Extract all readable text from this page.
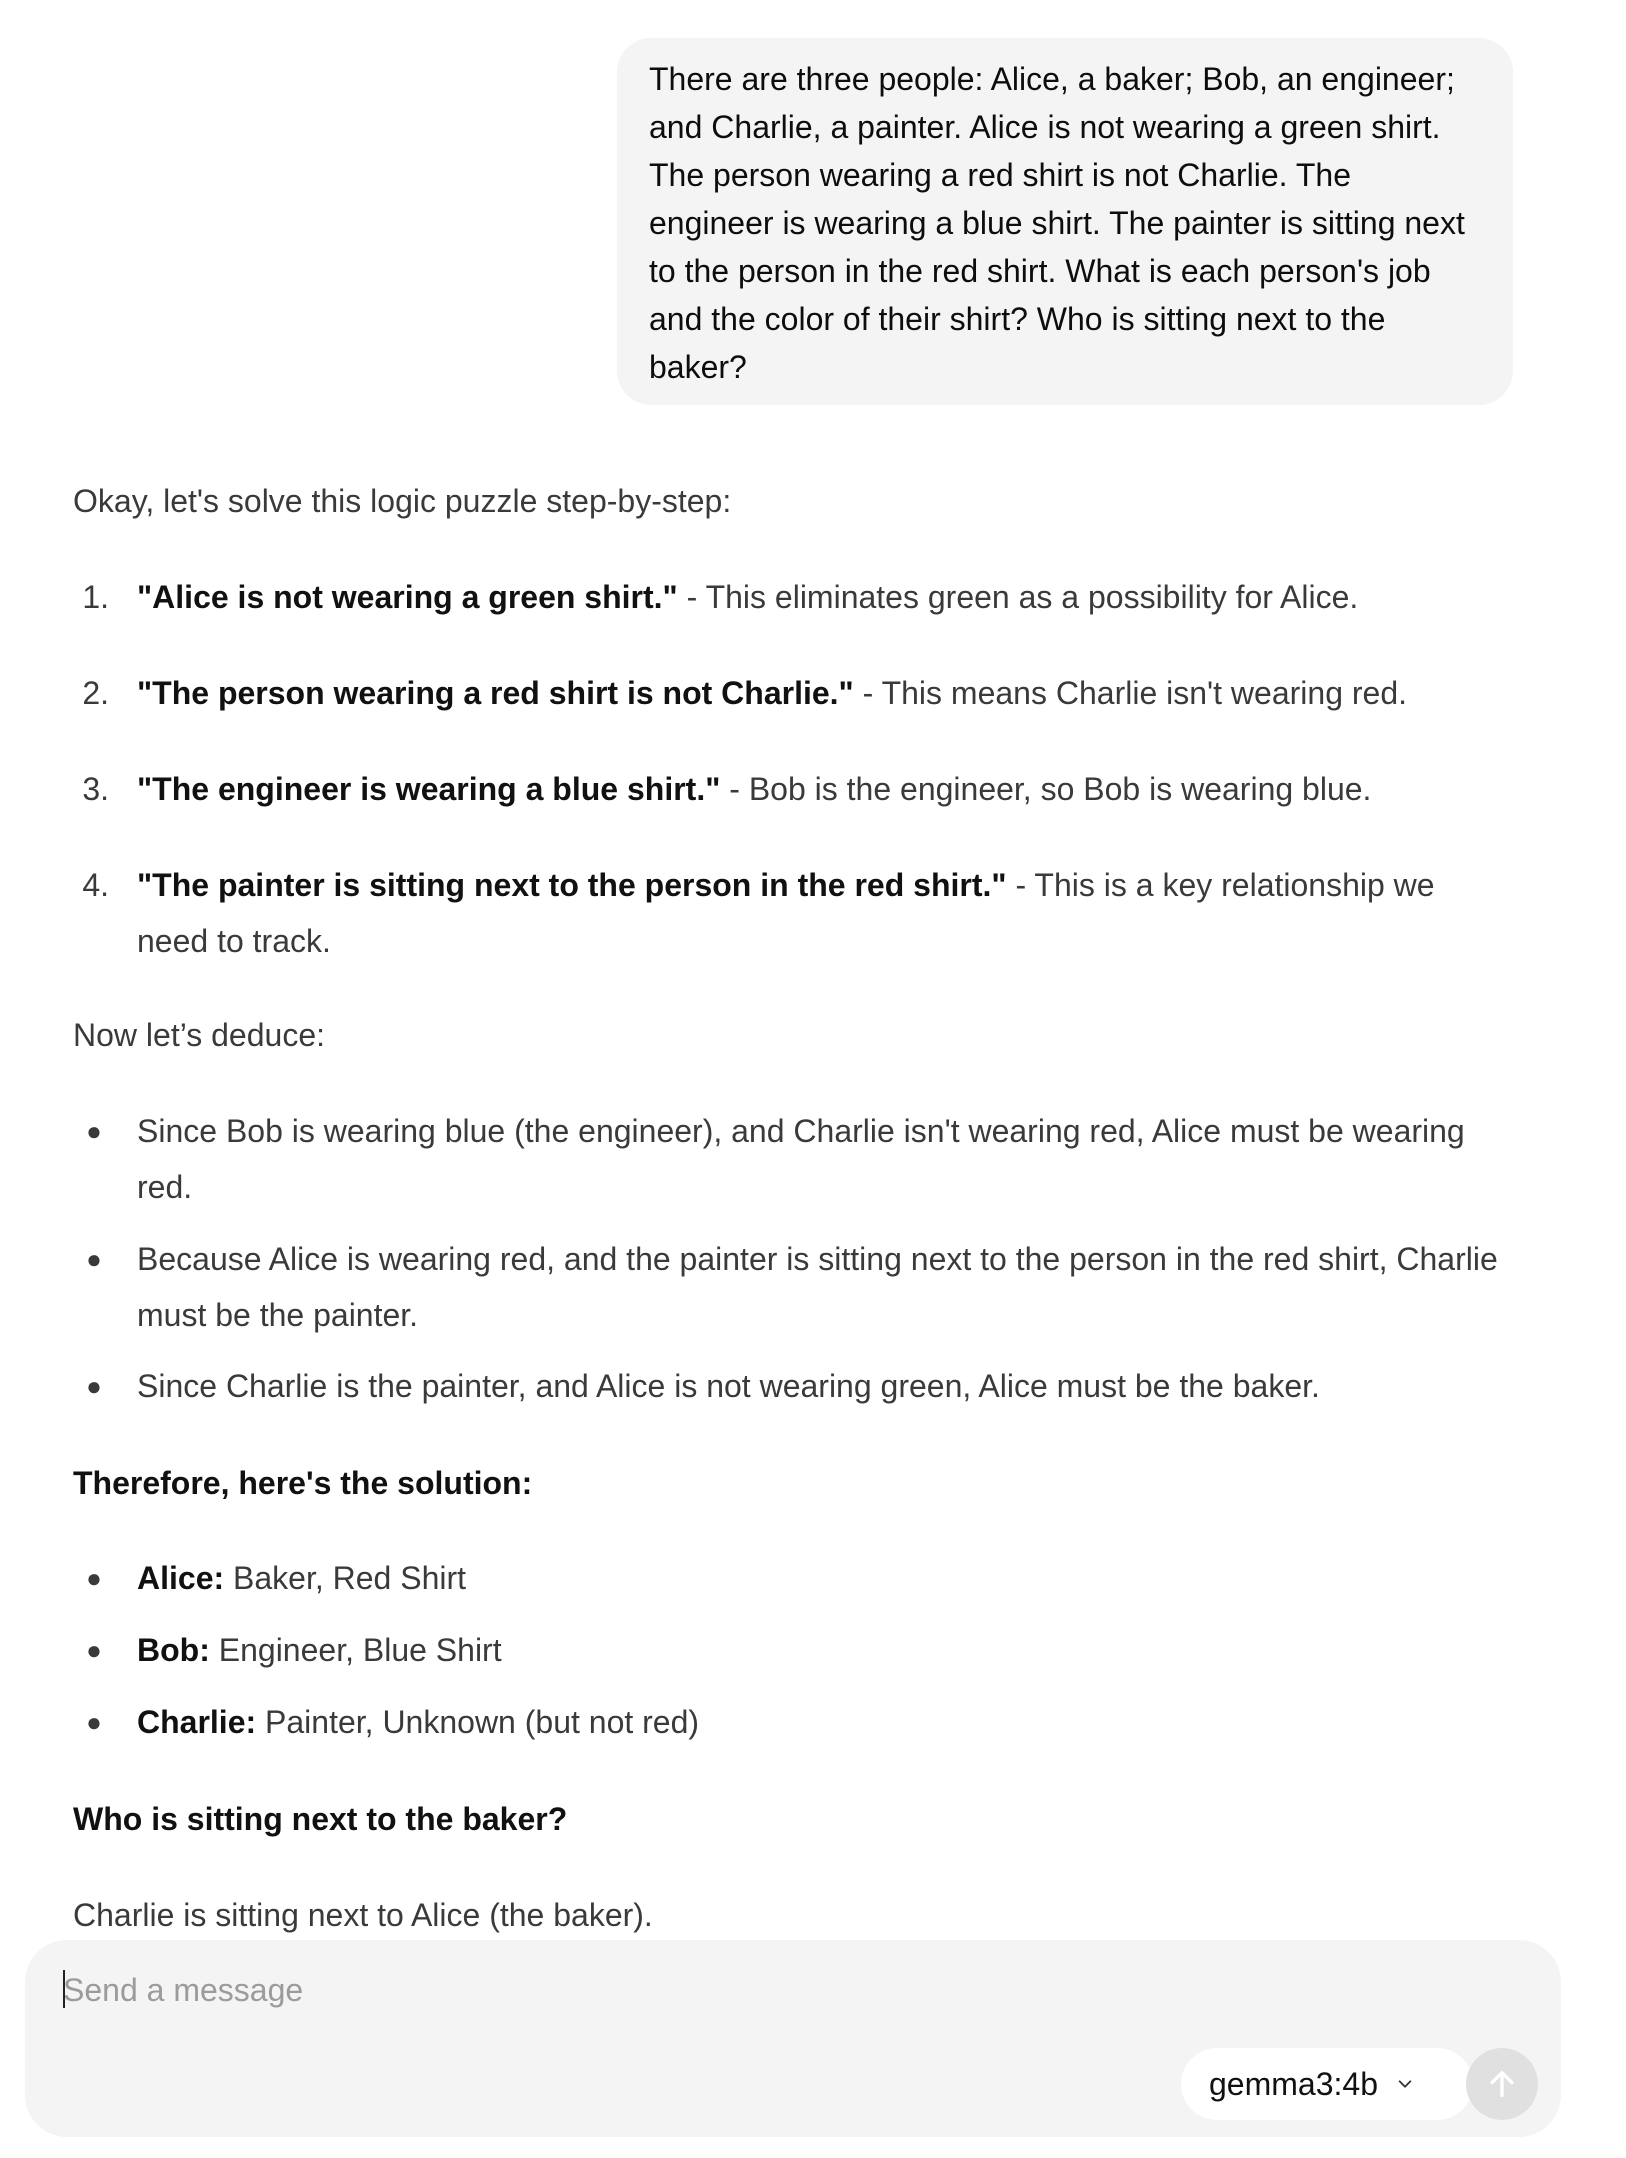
There are three people: Alice, a baker; Bob, an engineer; and Charlie, a painter. Alice is not wearing a green shirt. The person wearing a red shirt is not Charlie. The engineer is wearing a blue shirt. The painter is sitting next to the person in the red shirt. What is each person's job and the color of their shirt? Who is sitting next to the baker?
Okay, let's solve this logic puzzle step-by-step:
1. "Alice is not wearing a green shirt." - This eliminates green as a possibility for Alice.
2. "The person wearing a red shirt is not Charlie." - This means Charlie isn't wearing red.
3. "The engineer is wearing a blue shirt." - Bob is the engineer, so Bob is wearing blue.
4. "The painter is sitting next to the person in the red shirt." - This is a key relationship we need to track.
Now let’s deduce:
● Since Bob is wearing blue (the engineer), and Charlie isn't wearing red, Alice must be wearing red.
● Because Alice is wearing red, and the painter is sitting next to the person in the red shirt, Charlie must be the painter.
● Since Charlie is the painter, and Alice is not wearing green, Alice must be the baker.
Therefore, here's the solution:
● Alice: Baker, Red Shirt
● Bob: Engineer, Blue Shirt
● Charlie: Painter, Unknown (but not red)
Who is sitting next to the baker?
Charlie is sitting next to Alice (the baker).
Send a message
gemma3:4b
